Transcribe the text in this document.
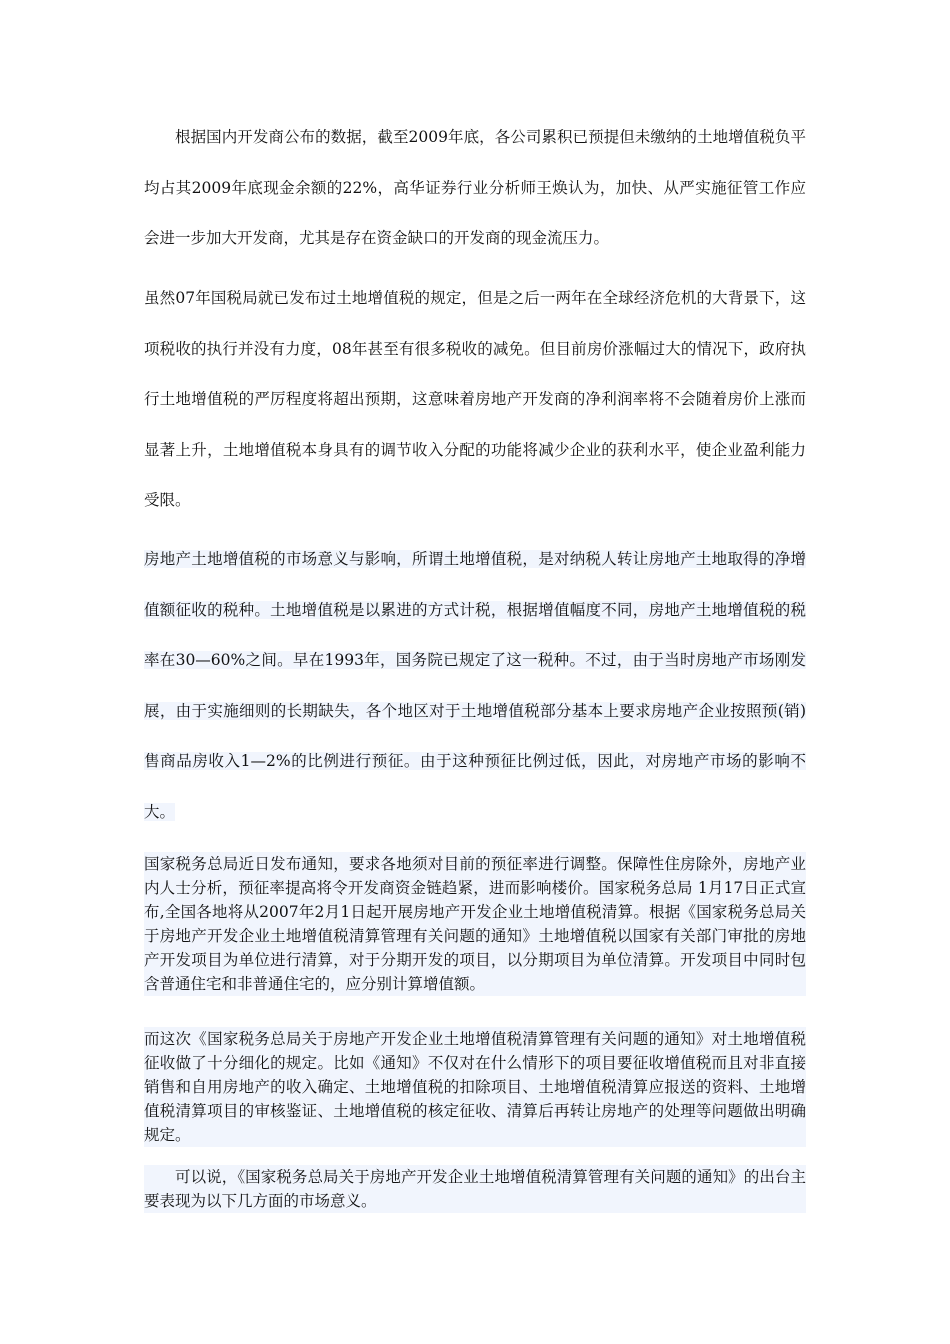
根据国内开发商公布的数据，截至2009年底，各公司累积已预提但未缴纳的土地增值税负平均占其2009年底现金余额的22%，高华证券行业分析师王焕认为，加快、从严实施征管工作应会进一步加大开发商，尤其是存在资金缺口的开发商的现金流压力。

虽然07年国税局就已发布过土地增值税的规定，但是之后一两年在全球经济危机的大背景下，这项税收的执行并没有力度，08年甚至有很多税收的减免。但目前房价涨幅过大的情况下，政府执行土地增值税的严厉程度将超出预期，这意味着房地产开发商的净利润率将不会随着房价上涨而显著上升，土地增值税本身具有的调节收入分配的功能将减少企业的获利水平，使企业盈利能力受限。

房地产土地增值税的市场意义与影响，所谓土地增值税，是对纳税人转让房地产土地取得的净增值额征收的税种。土地增值税是以累进的方式计税，根据增值幅度不同，房地产土地增值税的税率在30—60%之间。早在1993年，国务院已规定了这一税种。不过，由于当时房地产市场刚发展，由于实施细则的长期缺失，各个地区对于土地增值税部分基本上要求房地产企业按照预(销)售商品房收入1—2%的比例进行预征。由于这种预征比例过低，因此，对房地产市场的影响不大。

国家税务总局近日发布通知，要求各地须对目前的预征率进行调整。保障性住房除外，房地产业内人士分析，预征率提高将令开发商资金链趋紧，进而影响楼价。国家税务总局 1月17日正式宣布,全国各地将从2007年2月1日起开展房地产开发企业土地增值税清算。根据《国家税务总局关于房地产开发企业土地增值税清算管理有关问题的通知》土地增值税以国家有关部门审批的房地产开发项目为单位进行清算，对于分期开发的项目，以分期项目为单位清算。开发项目中同时包含普通住宅和非普通住宅的，应分别计算增值额。

而这次《国家税务总局关于房地产开发企业土地增值税清算管理有关问题的通知》对土地增值税征收做了十分细化的规定。比如《通知》不仅对在什么情形下的项目要征收增值税而且对非直接销售和自用房地产的收入确定、土地增值税的扣除项目、土地增值税清算应报送的资料、土地增值税清算项目的审核鉴证、土地增值税的核定征收、清算后再转让房地产的处理等问题做出明确规定。

可以说，《国家税务总局关于房地产开发企业土地增值税清算管理有关问题的通知》的出台主要表现为以下几方面的市场意义。
